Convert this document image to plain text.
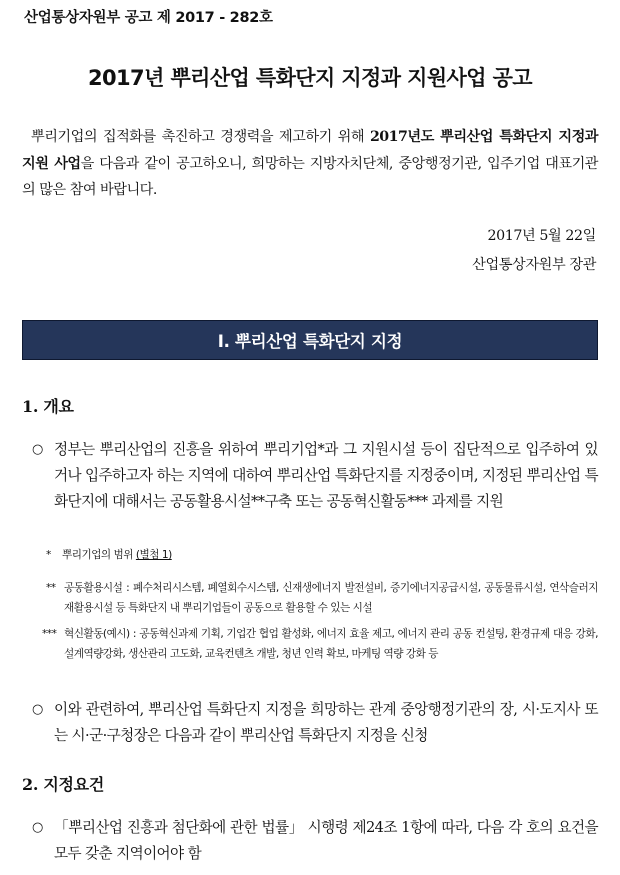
산업통상자원부 공고 제 2017 - 282호

2017년 뿌리산업 특화단지 지정과 지원사업 공고

뿌리기업의 집적화를 촉진하고 경쟁력을 제고하기 위해 2017년도 뿌리산업 특화단지 지정과 지원 사업을 다음과 같이 공고하오니, 희망하는 지방자치단체, 중앙행정기관, 입주기업 대표기관의 많은 참여 바랍니다.

2017년 5월 22일
산업통상자원부 장관
I. 뿌리산업 특화단지 지정
1. 개요
○ 정부는 뿌리산업의 진흥을 위하여 뿌리기업*과 그 지원시설 등이 집단적으로 입주하여 있거나 입주하고자 하는 지역에 대하여 뿌리산업 특화단지를 지정중이며, 지정된 뿌리산업 특화단지에 대해서는 공동활용시설**구축 또는 공동혁신활동*** 과제를 지원
*	뿌리기업의 범위 (별첨 1)
** 공동활용시설 : 폐수처리시스템, 폐열회수시스템, 신재생에너지 발전설비, 증기에너지공급시설, 공동물류시설, 연삭슬러지 재활용시설 등 특화단지 내 뿌리기업들이 공동으로 활용할 수 있는 시설
*** 혁신활동(예시) : 공동혁신과제 기획, 기업간 협업 활성화, 에너지 효율 제고, 에너지 관리 공동 컨설팅, 환경규제 대응 강화, 설계역량강화, 생산관리 고도화, 교육컨텐츠 개발, 청년 인력 확보, 마케팅 역량 강화 등
○ 이와 관련하여, 뿌리산업 특화단지 지정을 희망하는 관계 중앙행정기관의 장, 시·도지사 또는 시·군·구청장은 다음과 같이 뿌리산업 특화단지 지정을 신청
2. 지정요건
○ 「뿌리산업 진흥과 첨단화에 관한 법률」 시행령 제24조 1항에 따라, 다음 각 호의 요건을 모두 갖춘 지역이어야 함
